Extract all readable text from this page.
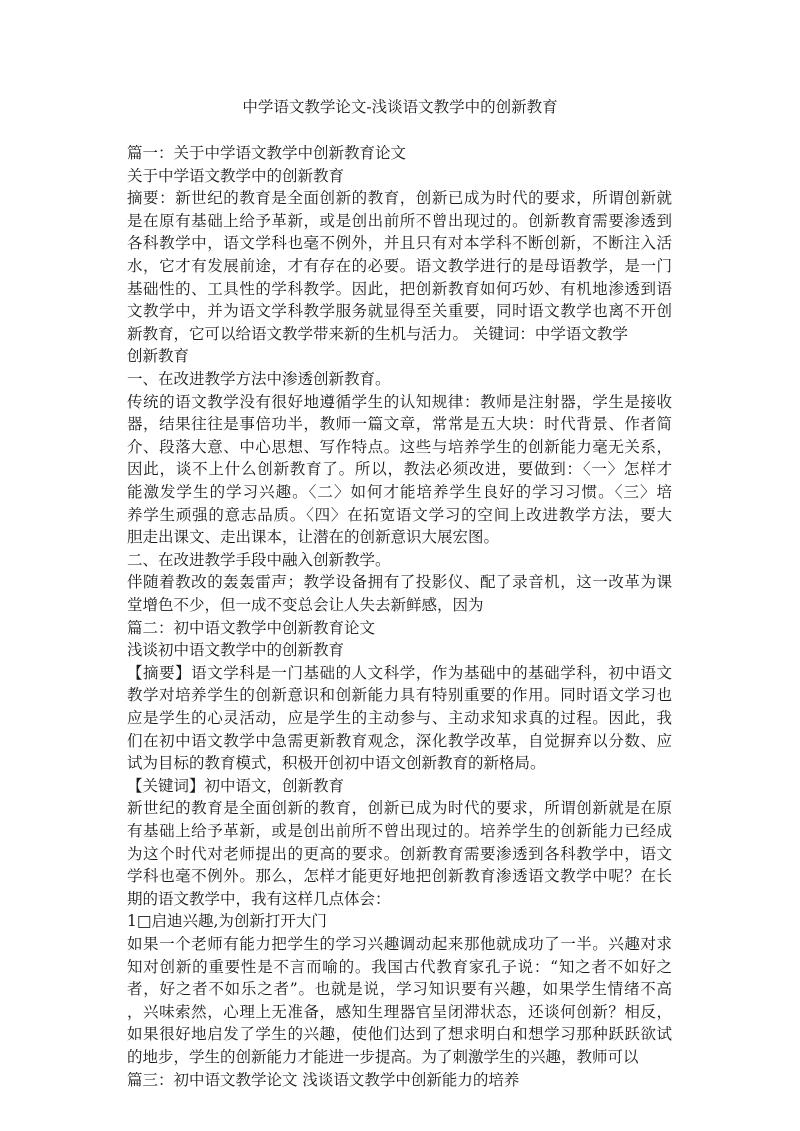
中学语文教学论文-浅谈语文教学中的创新教育
篇一：关于中学语文教学中创新教育论文
关于中学语文教学中的创新教育
摘要：新世纪的教育是全面创新的教育，创新已成为时代的要求，所谓创新就
是在原有基础上给予革新，或是创出前所不曾出现过的。创新教育需要渗透到
各科教学中，语文学科也毫不例外，并且只有对本学科不断创新，不断注入活
水，它才有发展前途，才有存在的必要。语文教学进行的是母语教学，是一门
基础性的、工具性的学科教学。因此，把创新教育如何巧妙、有机地渗透到语
文教学中，并为语文学科教学服务就显得至关重要，同时语文教学也离不开创
新教育，它可以给语文教学带来新的生机与活力。 关键词：中学语文教学
创新教育
一、在改进教学方法中渗透创新教育。
传统的语文教学没有很好地遵循学生的认知规律：教师是注射器，学生是接收
器，结果往往是事倍功半，教师一篇文章，常常是五大块：时代背景、作者简
介、段落大意、中心思想、写作特点。这些与培养学生的创新能力毫无关系，
因此，谈不上什么创新教育了。所以，教法必须改进，要做到：〈一〉怎样才
能激发学生的学习兴趣。〈二〉如何才能培养学生良好的学习习惯。〈三〉培
养学生顽强的意志品质。〈四〉在拓宽语文学习的空间上改进教学方法，要大
胆走出课文、走出课本，让潜在的创新意识大展宏图。
二、在改进教学手段中融入创新教学。
伴随着教改的轰轰雷声；教学设备拥有了投影仪、配了录音机，这一改革为课
堂增色不少，但一成不变总会让人失去新鲜感，因为
篇二：初中语文教学中创新教育论文
浅谈初中语文教学中的创新教育
【摘要】语文学科是一门基础的人文科学，作为基础中的基础学科，初中语文
教学对培养学生的创新意识和创新能力具有特别重要的作用。同时语文学习也
应是学生的心灵活动，应是学生的主动参与、主动求知求真的过程。因此，我
们在初中语文教学中急需更新教育观念，深化教学改革，自觉摒弃以分数、应
试为目标的教育模式，积极开创初中语文创新教育的新格局。
【关键词】初中语文，创新教育
新世纪的教育是全面创新的教育，创新已成为时代的要求，所谓创新就是在原
有基础上给予革新，或是创出前所不曾出现过的。培养学生的创新能力已经成
为这个时代对老师提出的更高的要求。创新教育需要渗透到各科教学中，语文
学科也毫不例外。那么，怎样才能更好地把创新教育渗透语文教学中呢？在长
期的语文教学中，我有这样几点体会：
1□启迪兴趣,为创新打开大门
如果一个老师有能力把学生的学习兴趣调动起来那他就成功了一半。兴趣对求
知对创新的重要性是不言而喻的。我国古代教育家孔子说：“知之者不如好之
者，好之者不如乐之者”。也就是说，学习知识要有兴趣，如果学生情绪不高
，兴味索然，心理上无准备，感知生理器官呈闭滞状态，还谈何创新？相反，
如果很好地启发了学生的兴趣，使他们达到了想求明白和想学习那种跃跃欲试
的地步，学生的创新能力才能进一步提高。为了刺激学生的兴趣，教师可以
篇三：初中语文教学论文 浅谈语文教学中创新能力的培养
